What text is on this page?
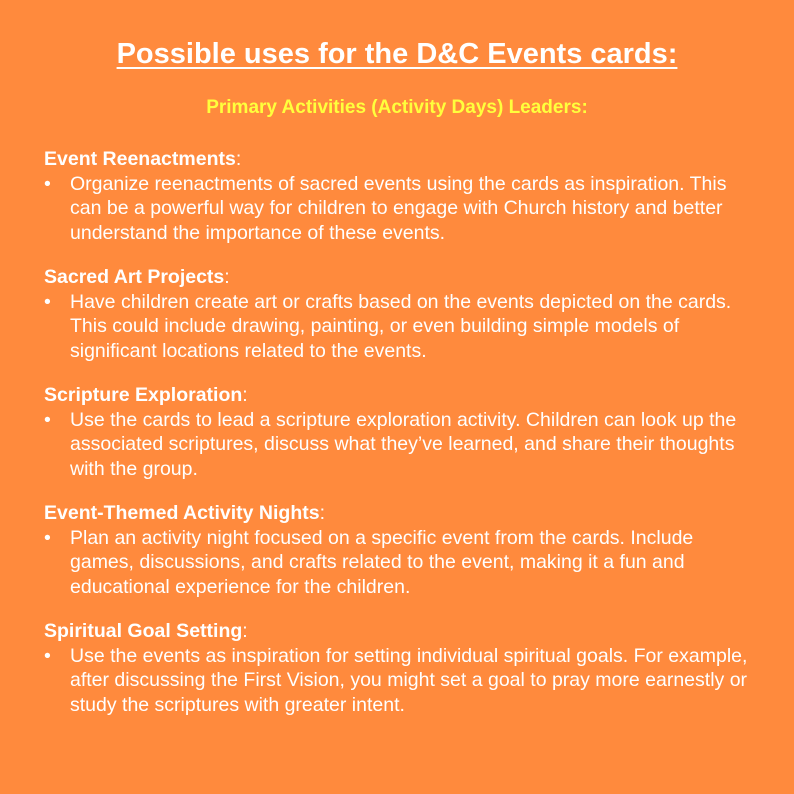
Possible uses for the D&C Events cards:
Primary Activities (Activity Days) Leaders:

Event Reenactments:

• Organize reenactments of sacred events using the cards as inspiration. This can be a powerful way for children to engage with Church history and better understand the importance of these events.

Sacred Art Projects:

• Have children create art or crafts based on the events depicted on the cards. This could include drawing, painting, or even building simple models of significant locations related to the events.

Scripture Exploration:

• Use the cards to lead a scripture exploration activity. Children can look up the associated scriptures, discuss what they’ve learned, and share their thoughts with the group.

Event-Themed Activity Nights:

• Plan an activity night focused on a specific event from the cards. Include games, discussions, and crafts related to the event, making it a fun and educational experience for the children.

Spiritual Goal Setting:

• Use the events as inspiration for setting individual spiritual goals. For example, after discussing the First Vision, you might set a goal to pray more earnestly or study the scriptures with greater intent.
